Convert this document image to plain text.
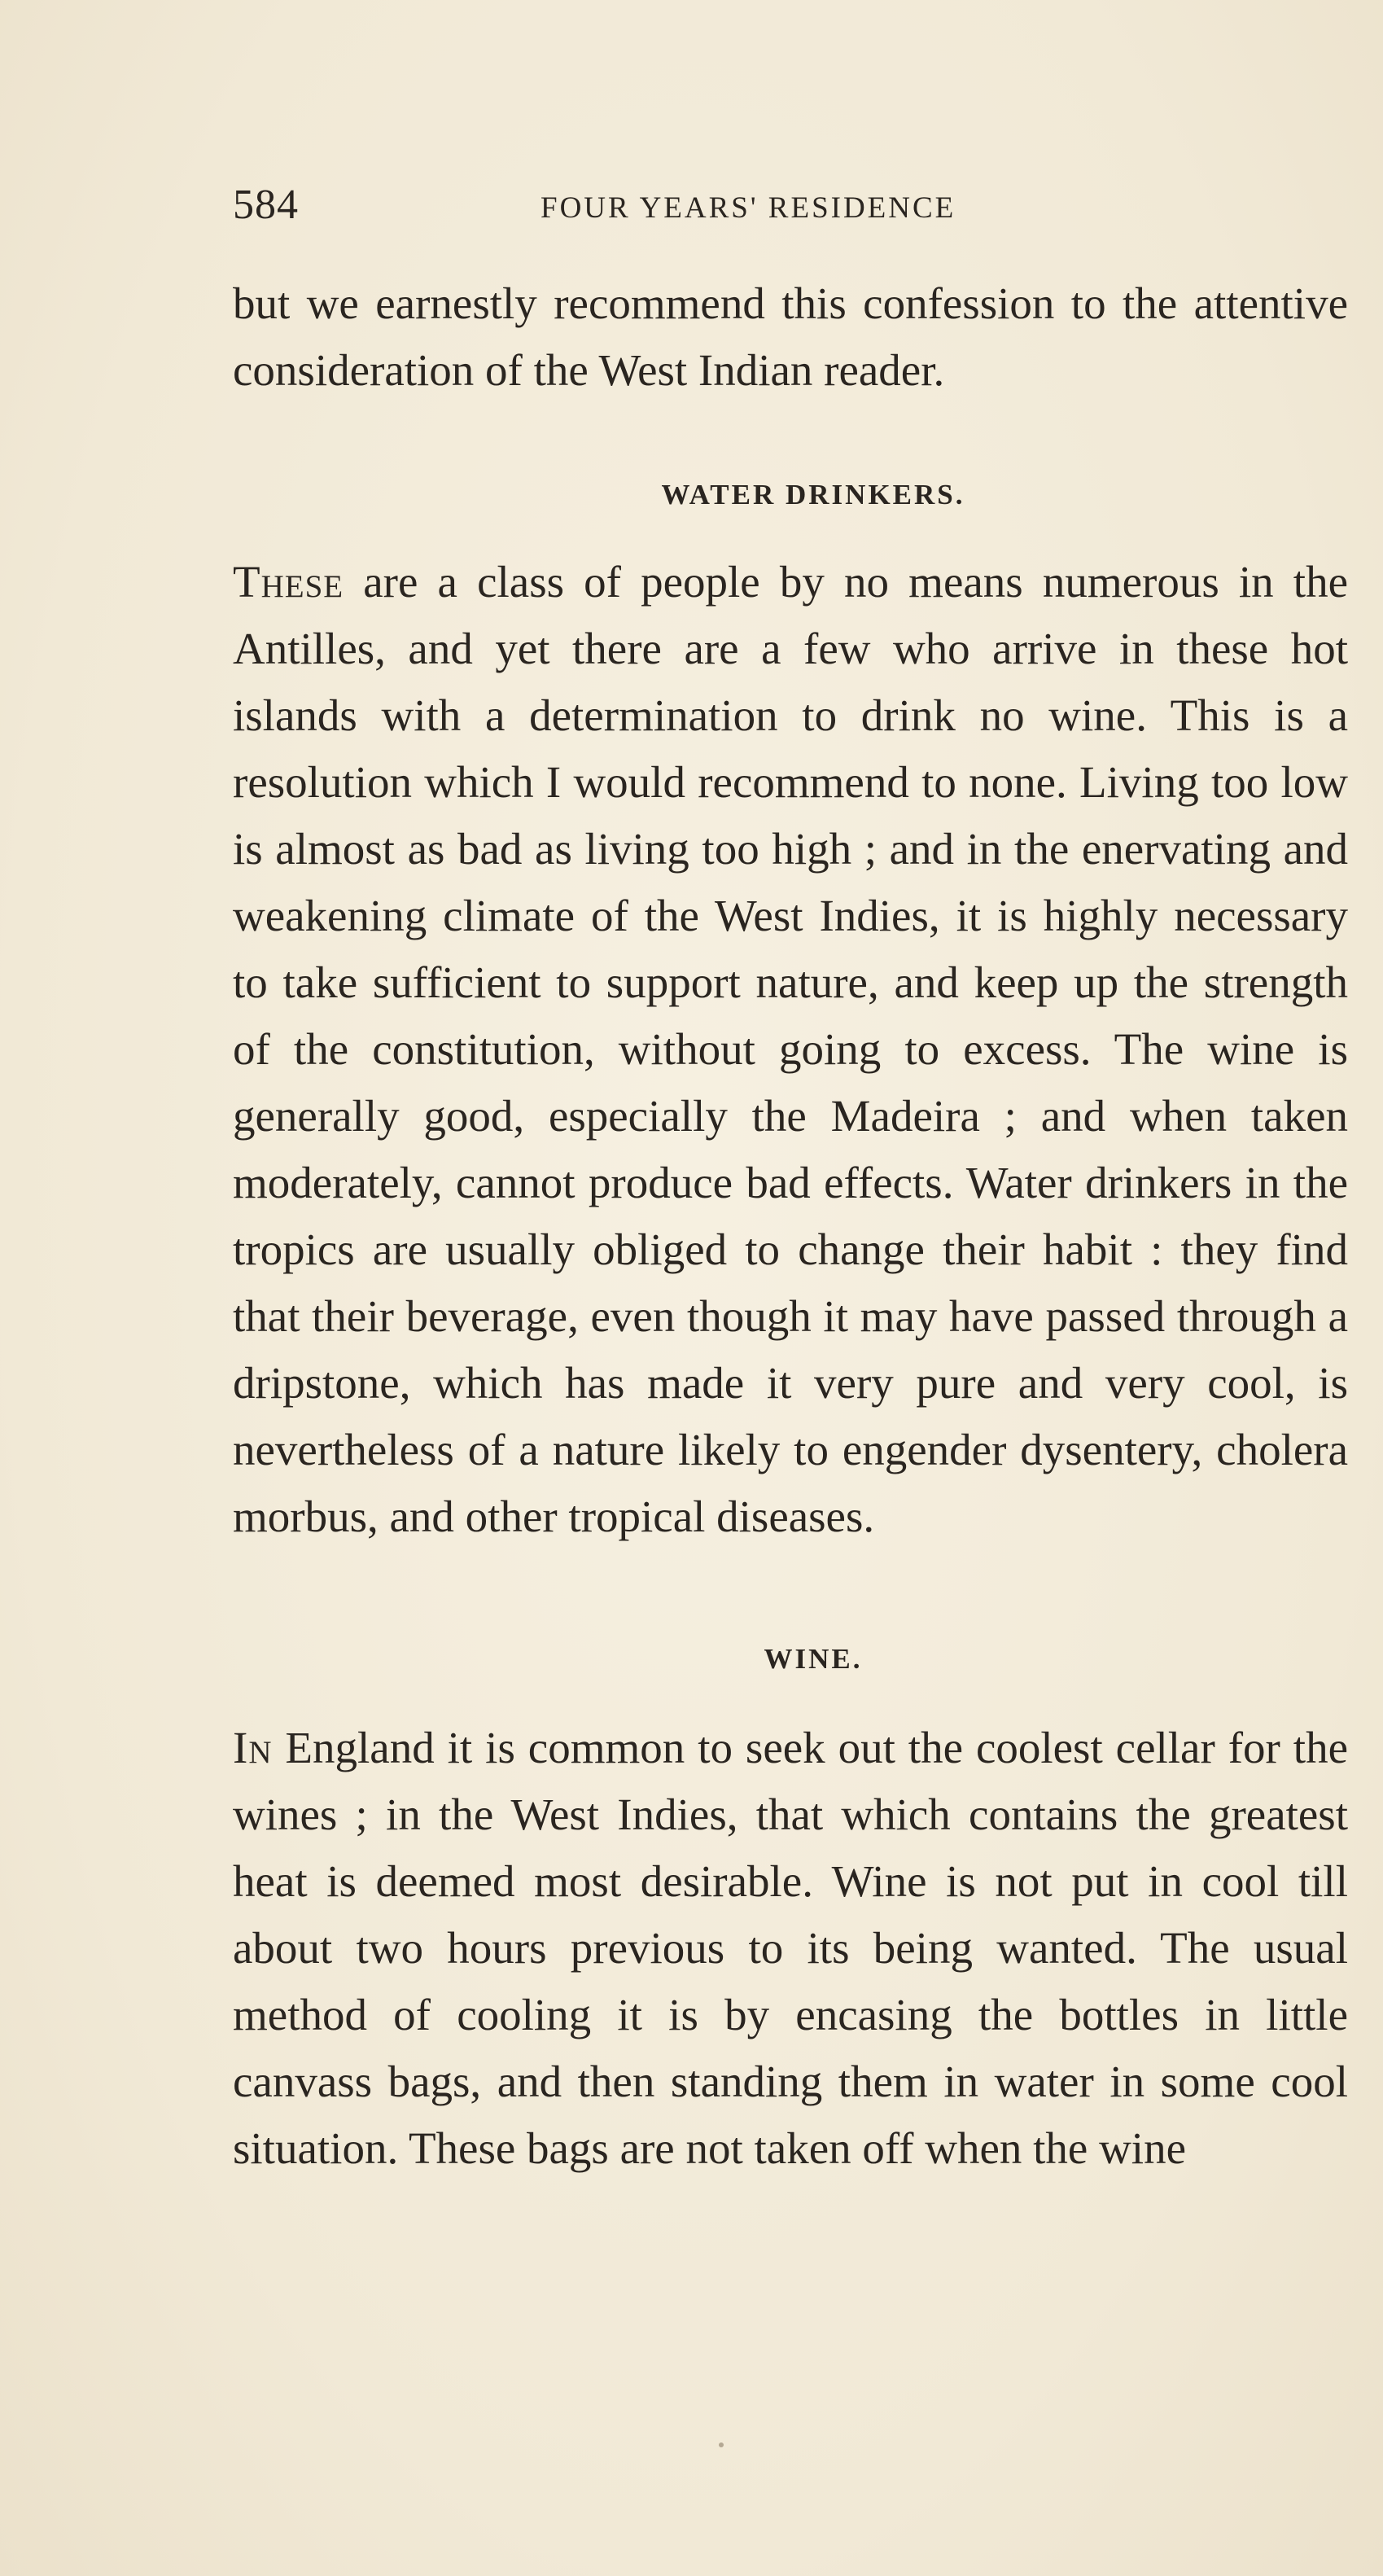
584	FOUR YEARS' RESIDENCE

but we earnestly recommend this confession to the attentive consideration of the West Indian reader.

WATER DRINKERS.

These are a class of people by no means numerous in the Antilles, and yet there are a few who arrive in these hot islands with a determination to drink no wine. This is a resolution which I would recommend to none. Living too low is almost as bad as living too high ; and in the enervating and weakening climate of the West Indies, it is highly necessary to take sufficient to support nature, and keep up the strength of the constitution, without going to excess. The wine is generally good, especially the Madeira ; and when taken moderately, cannot produce bad effects. Water drinkers in the tropics are usually obliged to change their habit : they find that their beverage, even though it may have passed through a dripstone, which has made it very pure and very cool, is nevertheless of a nature likely to engender dysentery, cholera morbus, and other tropical diseases.

WINE.

In England it is common to seek out the coolest cellar for the wines ; in the West Indies, that which contains the greatest heat is deemed most desirable. Wine is not put in cool till about two hours previous to its being wanted. The usual method of cooling it is by encasing the bottles in little canvass bags, and then standing them in water in some cool situation. These bags are not taken off when the wine
